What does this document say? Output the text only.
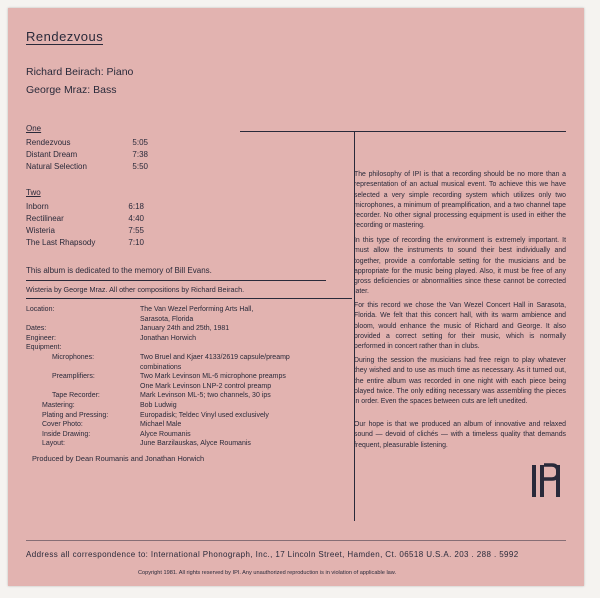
Rendezvous
Richard Beirach: Piano
George Mraz: Bass
One
Rendezvous	5:05
Distant Dream	7:38
Natural Selection	5:50
Two
Inborn	6:18
Rectilinear	4:40
Wisteria	7:55
The Last Rhapsody	7:10
This album is dedicated to the memory of Bill Evans.
Wisteria by George Mraz. All other compositions by Richard Beirach.
Location:	The Van Wezel Performing Arts Hall,
Sarasota, Florida
Dates:	January 24th and 25th, 1981
Engineer:	Jonathan Horwich
Equipment:
Microphones:	Two Bruel and Kjaer 4133/2619 capsule/preamp
combinations
Preamplifiers:	Two Mark Levinson ML-6 microphone preamps
One Mark Levinson LNP-2 control preamp
Tape Recorder:	Mark Levinson ML-5; two channels, 30 ips
Mastering:	Bob Ludwig
Plating and Pressing:	Europadisk; Teldec Vinyl used exclusively
Cover Photo:	Michael Male
Inside Drawing:	Alyce Roumanis
Layout:	June Barzilauskas, Alyce Roumanis
Produced by Dean Roumanis and Jonathan Horwich
The philosophy of IPI is that a recording should be no more than a representation of an actual musical event. To achieve this we have selected a very simple recording system which utilizes only two microphones, a minimum of preamplification, and a two channel tape recorder. No other signal processing equipment is used in either the recording or mastering.
In this type of recording the environment is extremely important. It must allow the instruments to sound their best individually and together, provide a comfortable setting for the musicians and be appropriate for the music being played. Also, it must be free of any gross deficiencies or abnormalities since these cannot be corrected later.
For this record we chose the Van Wezel Concert Hall in Sarasota, Florida. We felt that this concert hall, with its warm ambience and bloom, would enhance the music of Richard and George. It also provided a correct setting for their music, which is normally performed in concert rather than in clubs.
During the session the musicians had free reign to play whatever they wished and to use as much time as necessary. As it turned out, the entire album was recorded in one night with each piece being played twice. The only editing necessary was assembling the pieces in order. Even the spaces between cuts are left unedited.
Our hope is that we produced an album of innovative and relaxed sound — devoid of clichés — with a timeless quality that demands frequent, pleasurable listening.
Address all correspondence to: International Phonograph, Inc., 17 Lincoln Street, Hamden, Ct. 06518 U.S.A. 203 . 288 . 5992
Copyright 1981. All rights reserved by IPI. Any unauthorized reproduction is in violation of applicable law.
